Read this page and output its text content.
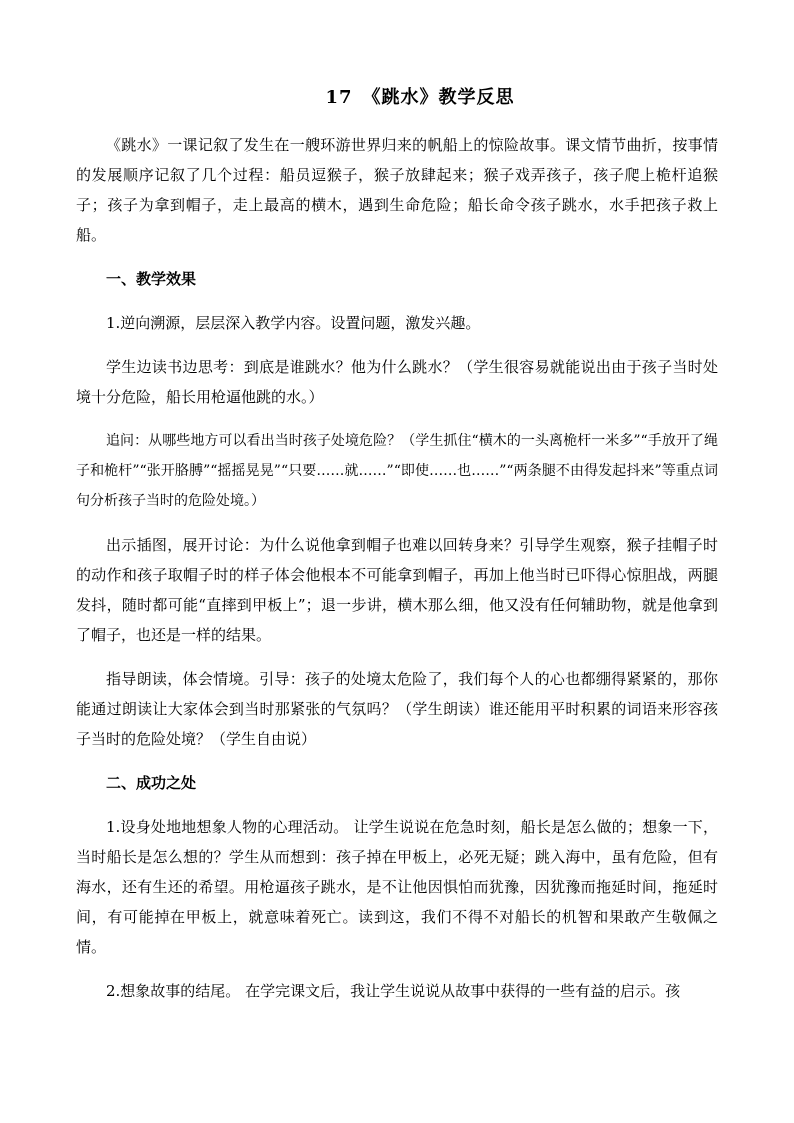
17　《跳水》教学反思

《跳水》一课记叙了发生在一艘环游世界归来的帆船上的惊险故事。课文情节曲折，按事情的发展顺序记叙了几个过程：船员逗猴子，猴子放肆起来；猴子戏弄孩子，孩子爬上桅杆追猴子；孩子为拿到帽子，走上最高的横木，遇到生命危险；船长命令孩子跳水，水手把孩子救上船。

一、教学效果

1.逆向溯源，层层深入教学内容。设置问题，激发兴趣。

学生边读书边思考：到底是谁跳水？他为什么跳水？（学生很容易就能说出由于孩子当时处境十分危险，船长用枪逼他跳的水。）

追问：从哪些地方可以看出当时孩子处境危险？（学生抓住“横木的一头离桅杆一米多”“手放开了绳子和桅杆”“张开胳膊”“摇摇晃晃”“只要……就……”“即使……也……”“两条腿不由得发起抖来”等重点词句分析孩子当时的危险处境。）

出示插图，展开讨论：为什么说他拿到帽子也难以回转身来？引导学生观察，猴子挂帽子时的动作和孩子取帽子时的样子体会他根本不可能拿到帽子，再加上他当时已吓得心惊胆战，两腿发抖，随时都可能“直摔到甲板上”；退一步讲，横木那么细，他又没有任何辅助物，就是他拿到了帽子，也还是一样的结果。

指导朗读，体会情境。引导：孩子的处境太危险了，我们每个人的心也都绷得紧紧的，那你能通过朗读让大家体会到当时那紧张的气氛吗？（学生朗读）谁还能用平时积累的词语来形容孩子当时的危险处境？（学生自由说）

二、成功之处

1.设身处地地想象人物的心理活动。 让学生说说在危急时刻，船长是怎么做的；想象一下，当时船长是怎么想的？学生从而想到：孩子掉在甲板上，必死无疑；跳入海中，虽有危险，但有海水，还有生还的希望。用枪逼孩子跳水，是不让他因惧怕而犹豫，因犹豫而拖延时间，拖延时间，有可能掉在甲板上，就意味着死亡。读到这，我们不得不对船长的机智和果敢产生敬佩之情。

2.想象故事的结尾。 在学完课文后，我让学生说说从故事中获得的一些有益的启示。孩
